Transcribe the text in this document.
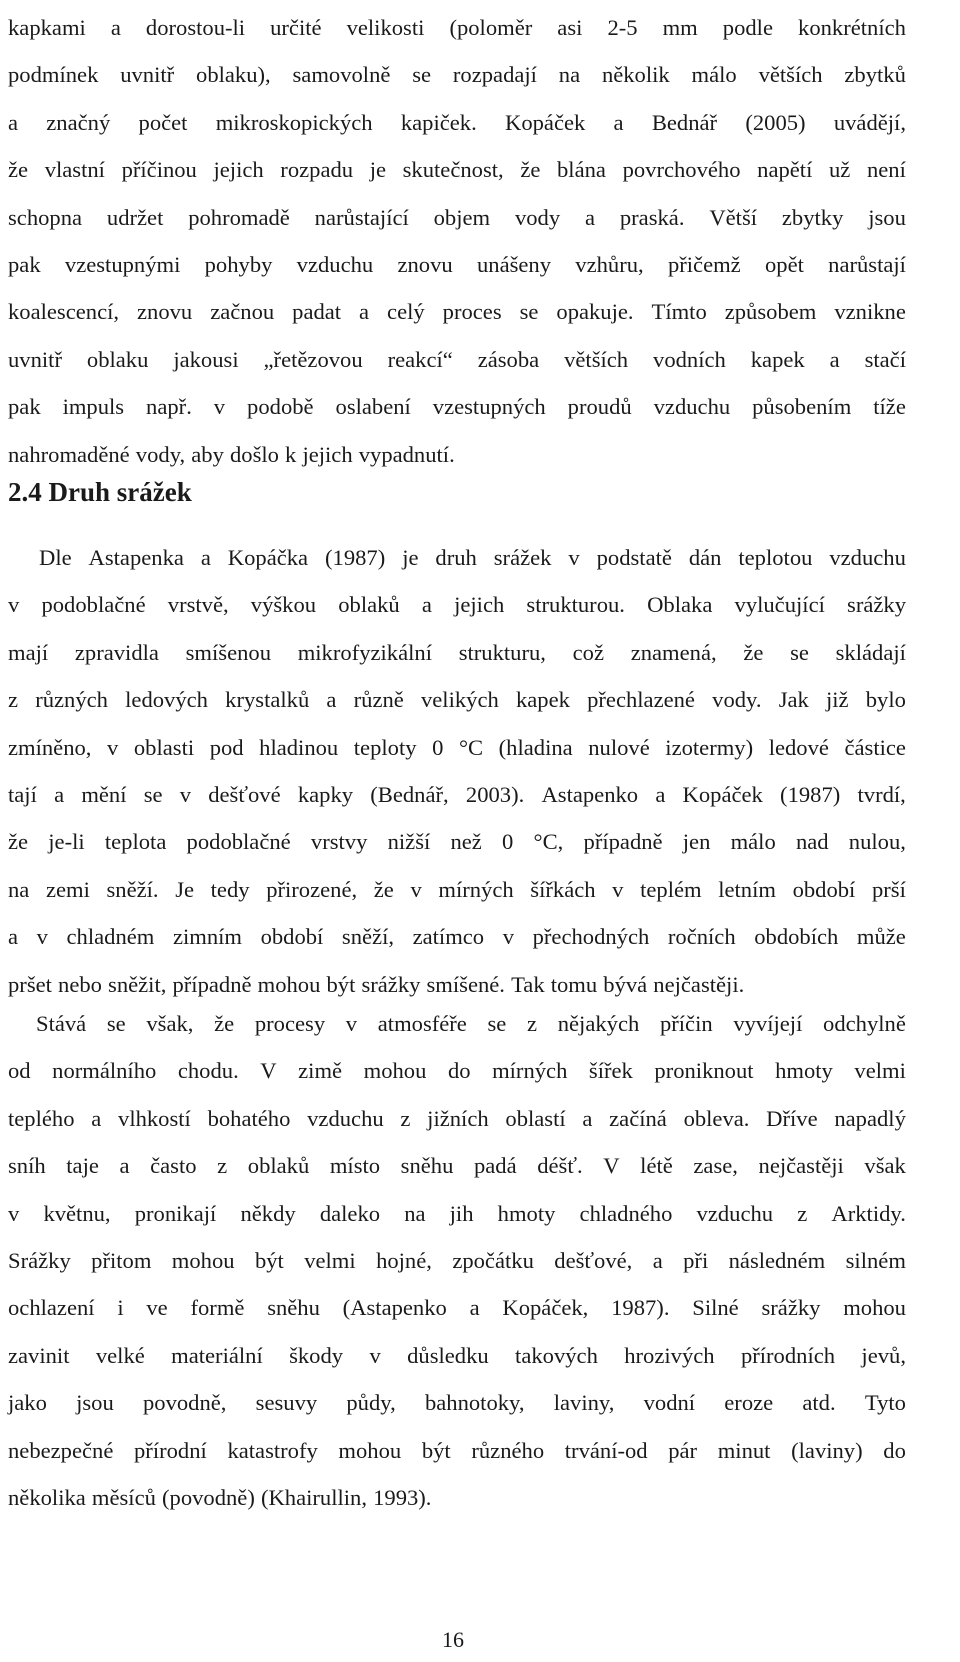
kapkami a dorostou-li určité velikosti (poloměr asi 2-5 mm podle konkrétních
podmínek uvnitř oblaku), samovolně se rozpadají na několik málo větších zbytků
a značný počet mikroskopických kapiček. Kopáček a Bednář (2005) uvádějí,
že vlastní příčinou jejich rozpadu je skutečnost, že blána povrchového napětí už není
schopna udržet pohromadě narůstající objem vody a praská. Větší zbytky jsou
pak vzestupnými pohyby vzduchu znovu unášeny vzhůru, přičemž opět narůstají
koalescencí, znovu začnou padat a celý proces se opakuje. Tímto způsobem vznikne
uvnitř oblaku jakousi „řetězovou reakcí“ zásoba větších vodních kapek a stačí
pak impuls např. v podobě oslabení vzestupných proudů vzduchu působením tíže
nahromaděné vody, aby došlo k jejich vypadnutí.
2.4 Druh srážek
Dle Astapenka a Kopáčka (1987) je druh srážek v podstatě dán teplotou vzduchu
v podoblačné vrstvě, výškou oblaků a jejich strukturou. Oblaka vylučující srážky
mají zpravidla smíšenou mikrofyzikální strukturu, což znamená, že se skládají
z různých ledových krystalků a různě velikých kapek přechlazené vody. Jak již bylo
zmíněno, v oblasti pod hladinou teploty 0 °C (hladina nulové izotermy) ledové částice
tají a mění se v dešťové kapky (Bednář, 2003). Astapenko a Kopáček (1987) tvrdí,
že je-li teplota podoblačné vrstvy nižší než 0 °C, případně jen málo nad nulou,
na zemi sněží. Je tedy přirozené, že v mírných šířkách v teplém letním období prší
a v chladném zimním období sněží, zatímco v přechodných ročních obdobích může
pršet nebo sněžit, případně mohou být srážky smíšené. Tak tomu bývá nejčastěji.
Stává se však, že procesy v atmosféře se z nějakých příčin vyvíjejí odchylně
od normálního chodu. V zimě mohou do mírných šířek proniknout hmoty velmi
teplého a vlhkostí bohatého vzduchu z jižních oblastí a začíná obleva. Dříve napadlý
sníh taje a často z oblaků místo sněhu padá déšť. V létě zase, nejčastěji však
v květnu, pronikají někdy daleko na jih hmoty chladného vzduchu z Arktidy.
Srážky přitom mohou být velmi hojné, zpočátku dešťové, a při následném silném
ochlazení i ve formě sněhu (Astapenko a Kopáček, 1987). Silné srážky mohou
zavinit velké materiální škody v důsledku takových hrozivých přírodních jevů,
jako jsou povodně, sesuvy půdy, bahnotoky, laviny, vodní eroze atd. Tyto
nebezpečné přírodní katastrofy mohou být různého trvání-od pár minut (laviny) do
několika měsíců (povodně) (Khairullin, 1993).
16
